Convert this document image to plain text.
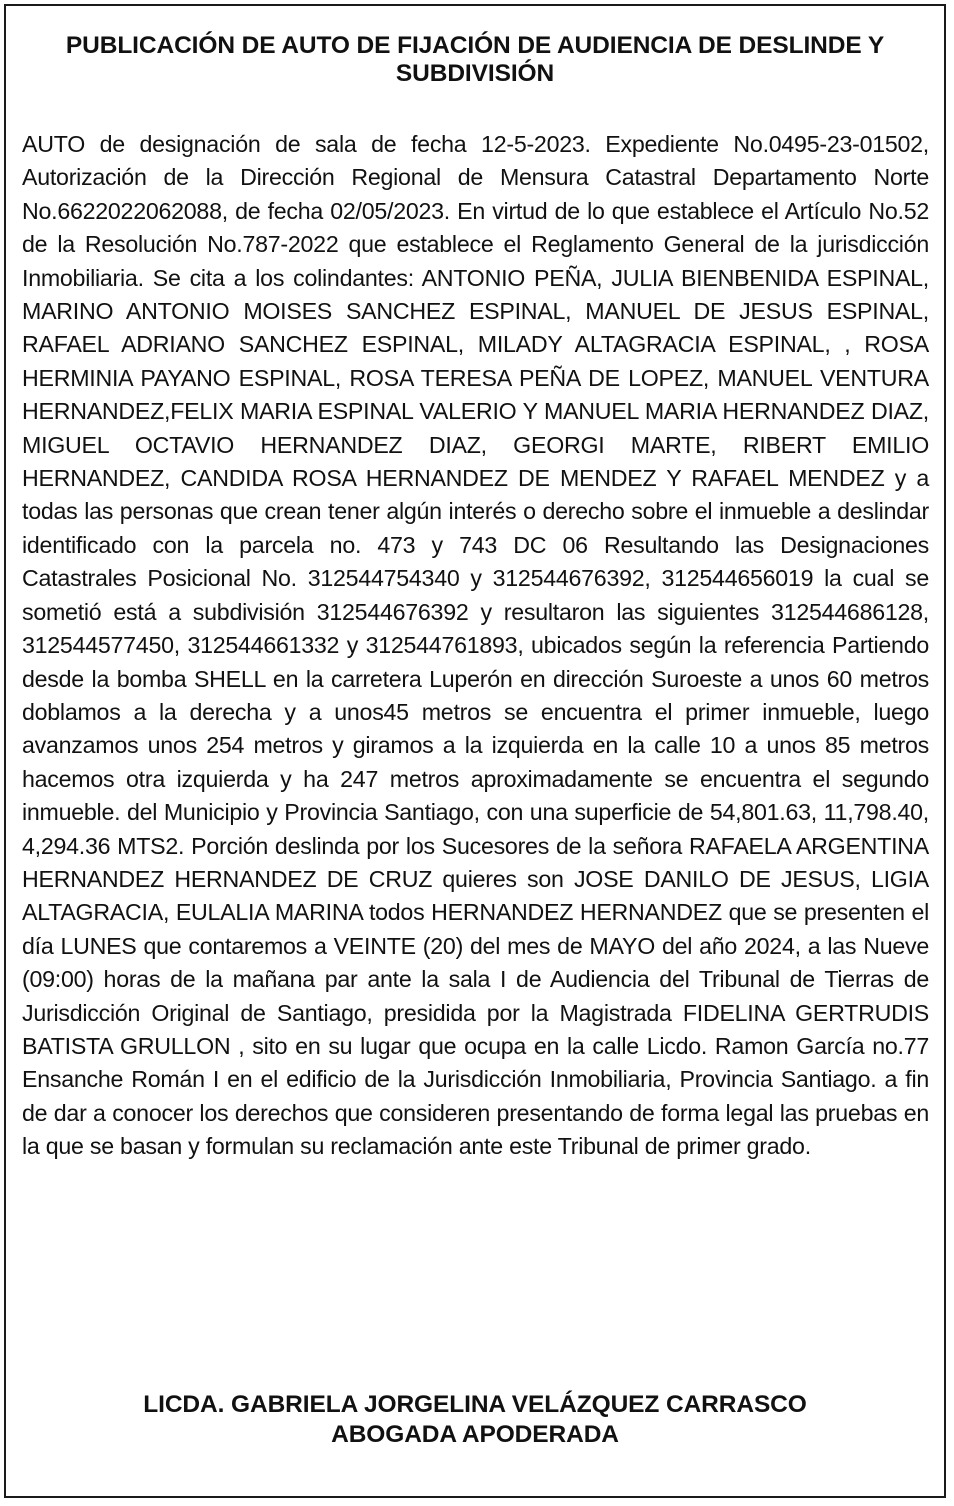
PUBLICACIÓN DE AUTO DE FIJACIÓN DE AUDIENCIA DE DESLINDE Y SUBDIVISIÓN

AUTO de designación de sala de fecha 12-5-2023. Expediente No.0495-23-01502, Autorización de la Dirección Regional de Mensura Catastral Departamento Norte No.6622022062088, de fecha 02/05/2023. En virtud de lo que establece el Artículo No.52 de la Resolución No.787-2022 que establece el Reglamento General de la jurisdicción Inmobiliaria. Se cita a los colindantes: ANTONIO PEÑA, JULIA BIENBENIDA ESPINAL, MARINO ANTONIO MOISES SANCHEZ ESPINAL, MANUEL DE JESUS ESPINAL, RAFAEL ADRIANO SANCHEZ ESPINAL, MILADY ALTAGRACIA ESPINAL, , ROSA HERMINIA PAYANO ESPINAL, ROSA TERESA PEÑA DE LOPEZ, MANUEL VENTURA HERNANDEZ,FELIX MARIA ESPINAL VALERIO Y MANUEL MARIA HERNANDEZ DIAZ, MIGUEL OCTAVIO HERNANDEZ DIAZ, GEORGI MARTE, RIBERT EMILIO HERNANDEZ, CANDIDA ROSA HERNANDEZ DE MENDEZ Y RAFAEL MENDEZ y a todas las personas que crean tener algún interés o derecho sobre el inmueble a deslindar identificado con la parcela no. 473 y 743 DC 06 Resultando las Designaciones Catastrales Posicional No. 312544754340 y 312544676392, 312544656019 la cual se sometió está a subdivisión 312544676392 y resultaron las siguientes 312544686128, 312544577450, 312544661332 y 312544761893, ubicados según la referencia Partiendo desde la bomba SHELL en la carretera Luperón en dirección Suroeste a unos 60 metros doblamos a la derecha y a unos45 metros se encuentra el primer inmueble, luego avanzamos unos 254 metros y giramos a la izquierda en la calle 10 a unos 85 metros hacemos otra izquierda y ha 247 metros aproximadamente se encuentra el segundo inmueble. del Municipio y Provincia Santiago, con una superficie de 54,801.63, 11,798.40, 4,294.36 MTS2. Porción deslinda por los Sucesores de la señora RAFAELA ARGENTINA HERNANDEZ HERNANDEZ DE CRUZ quieres son JOSE DANILO DE JESUS, LIGIA ALTAGRACIA, EULALIA MARINA todos HERNANDEZ HERNANDEZ que se presenten el día LUNES que contaremos a VEINTE (20) del mes de MAYO del año 2024, a las Nueve (09:00) horas de la mañana par ante la sala I de Audiencia del Tribunal de Tierras de Jurisdicción Original de Santiago, presidida por la Magistrada FIDELINA GERTRUDIS BATISTA GRULLON , sito en su lugar que ocupa en la calle Licdo. Ramon García no.77 Ensanche Román I en el edificio de la Jurisdicción Inmobiliaria, Provincia Santiago. a fin de dar a conocer los derechos que consideren presentando de forma legal las pruebas en la que se basan y formulan su reclamación ante este Tribunal de primer grado.

LICDA. GABRIELA JORGELINA VELÁZQUEZ CARRASCO
ABOGADA APODERADA
